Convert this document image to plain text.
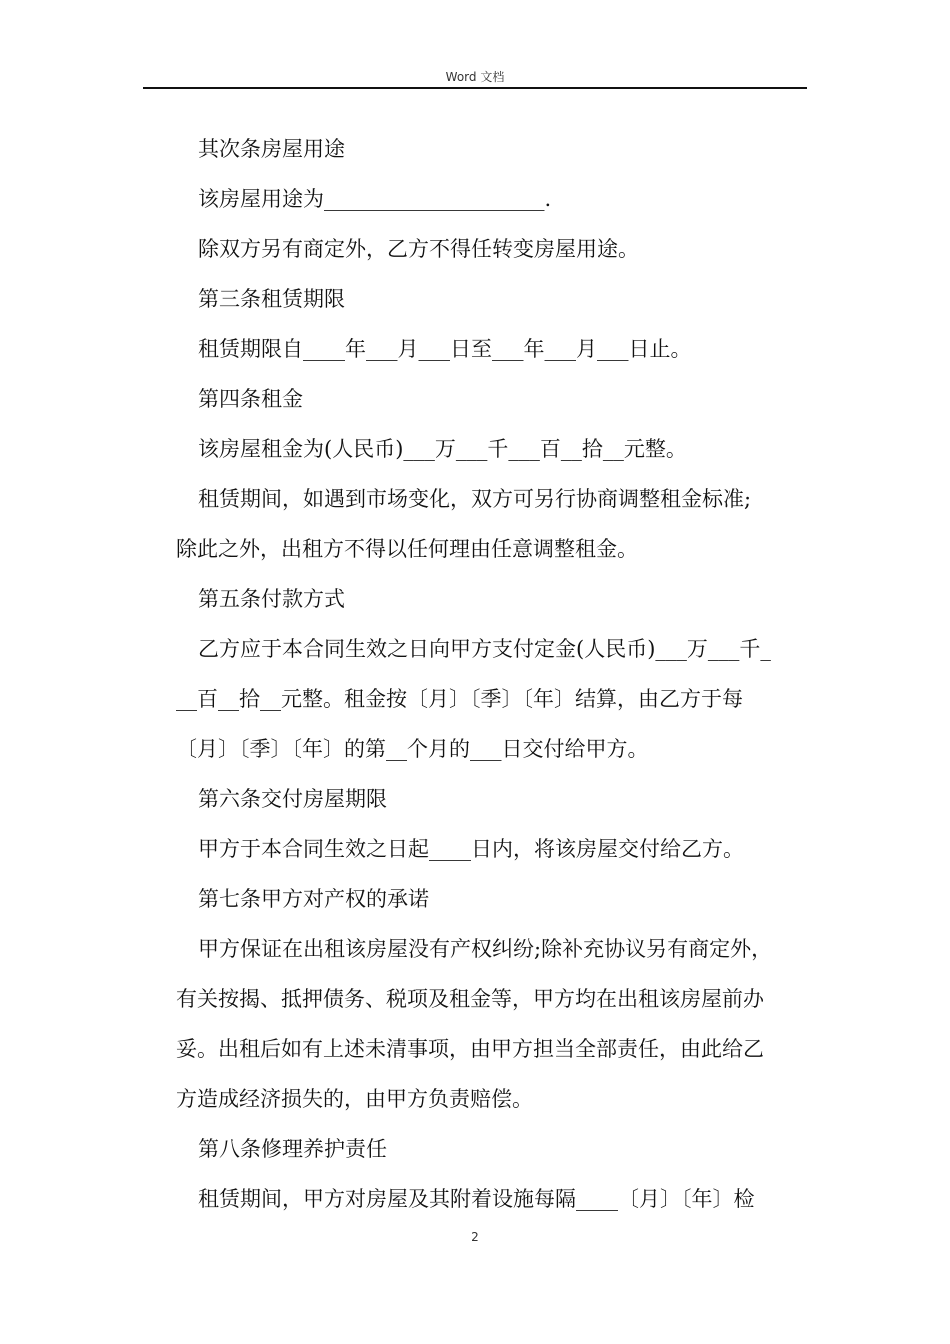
Word 文档
其次条房屋用途
该房屋用途为_____________________.
除双方另有商定外，乙方不得任转变房屋用途。
第三条租赁期限
租赁期限自____年___月___日至___年___月___日止。
第四条租金
该房屋租金为(人民币)___万___千___百__拾__元整。
租赁期间，如遇到市场变化，双方可另行协商调整租金标准;
除此之外，出租方不得以任何理由任意调整租金。
第五条付款方式
乙方应于本合同生效之日向甲方支付定金(人民币)___万___千_
__百__拾__元整。租金按〔月〕〔季〕〔年〕结算，由乙方于每
〔月〕〔季〕〔年〕的第__个月的___日交付给甲方。
第六条交付房屋期限
甲方于本合同生效之日起____日内，将该房屋交付给乙方。
第七条甲方对产权的承诺
甲方保证在出租该房屋没有产权纠纷;除补充协议另有商定外，
有关按揭、抵押债务、税项及租金等，甲方均在出租该房屋前办
妥。出租后如有上述未清事项，由甲方担当全部责任，由此给乙
方造成经济损失的，由甲方负责赔偿。
第八条修理养护责任
租赁期间，甲方对房屋及其附着设施每隔____〔月〕〔年〕检
2
